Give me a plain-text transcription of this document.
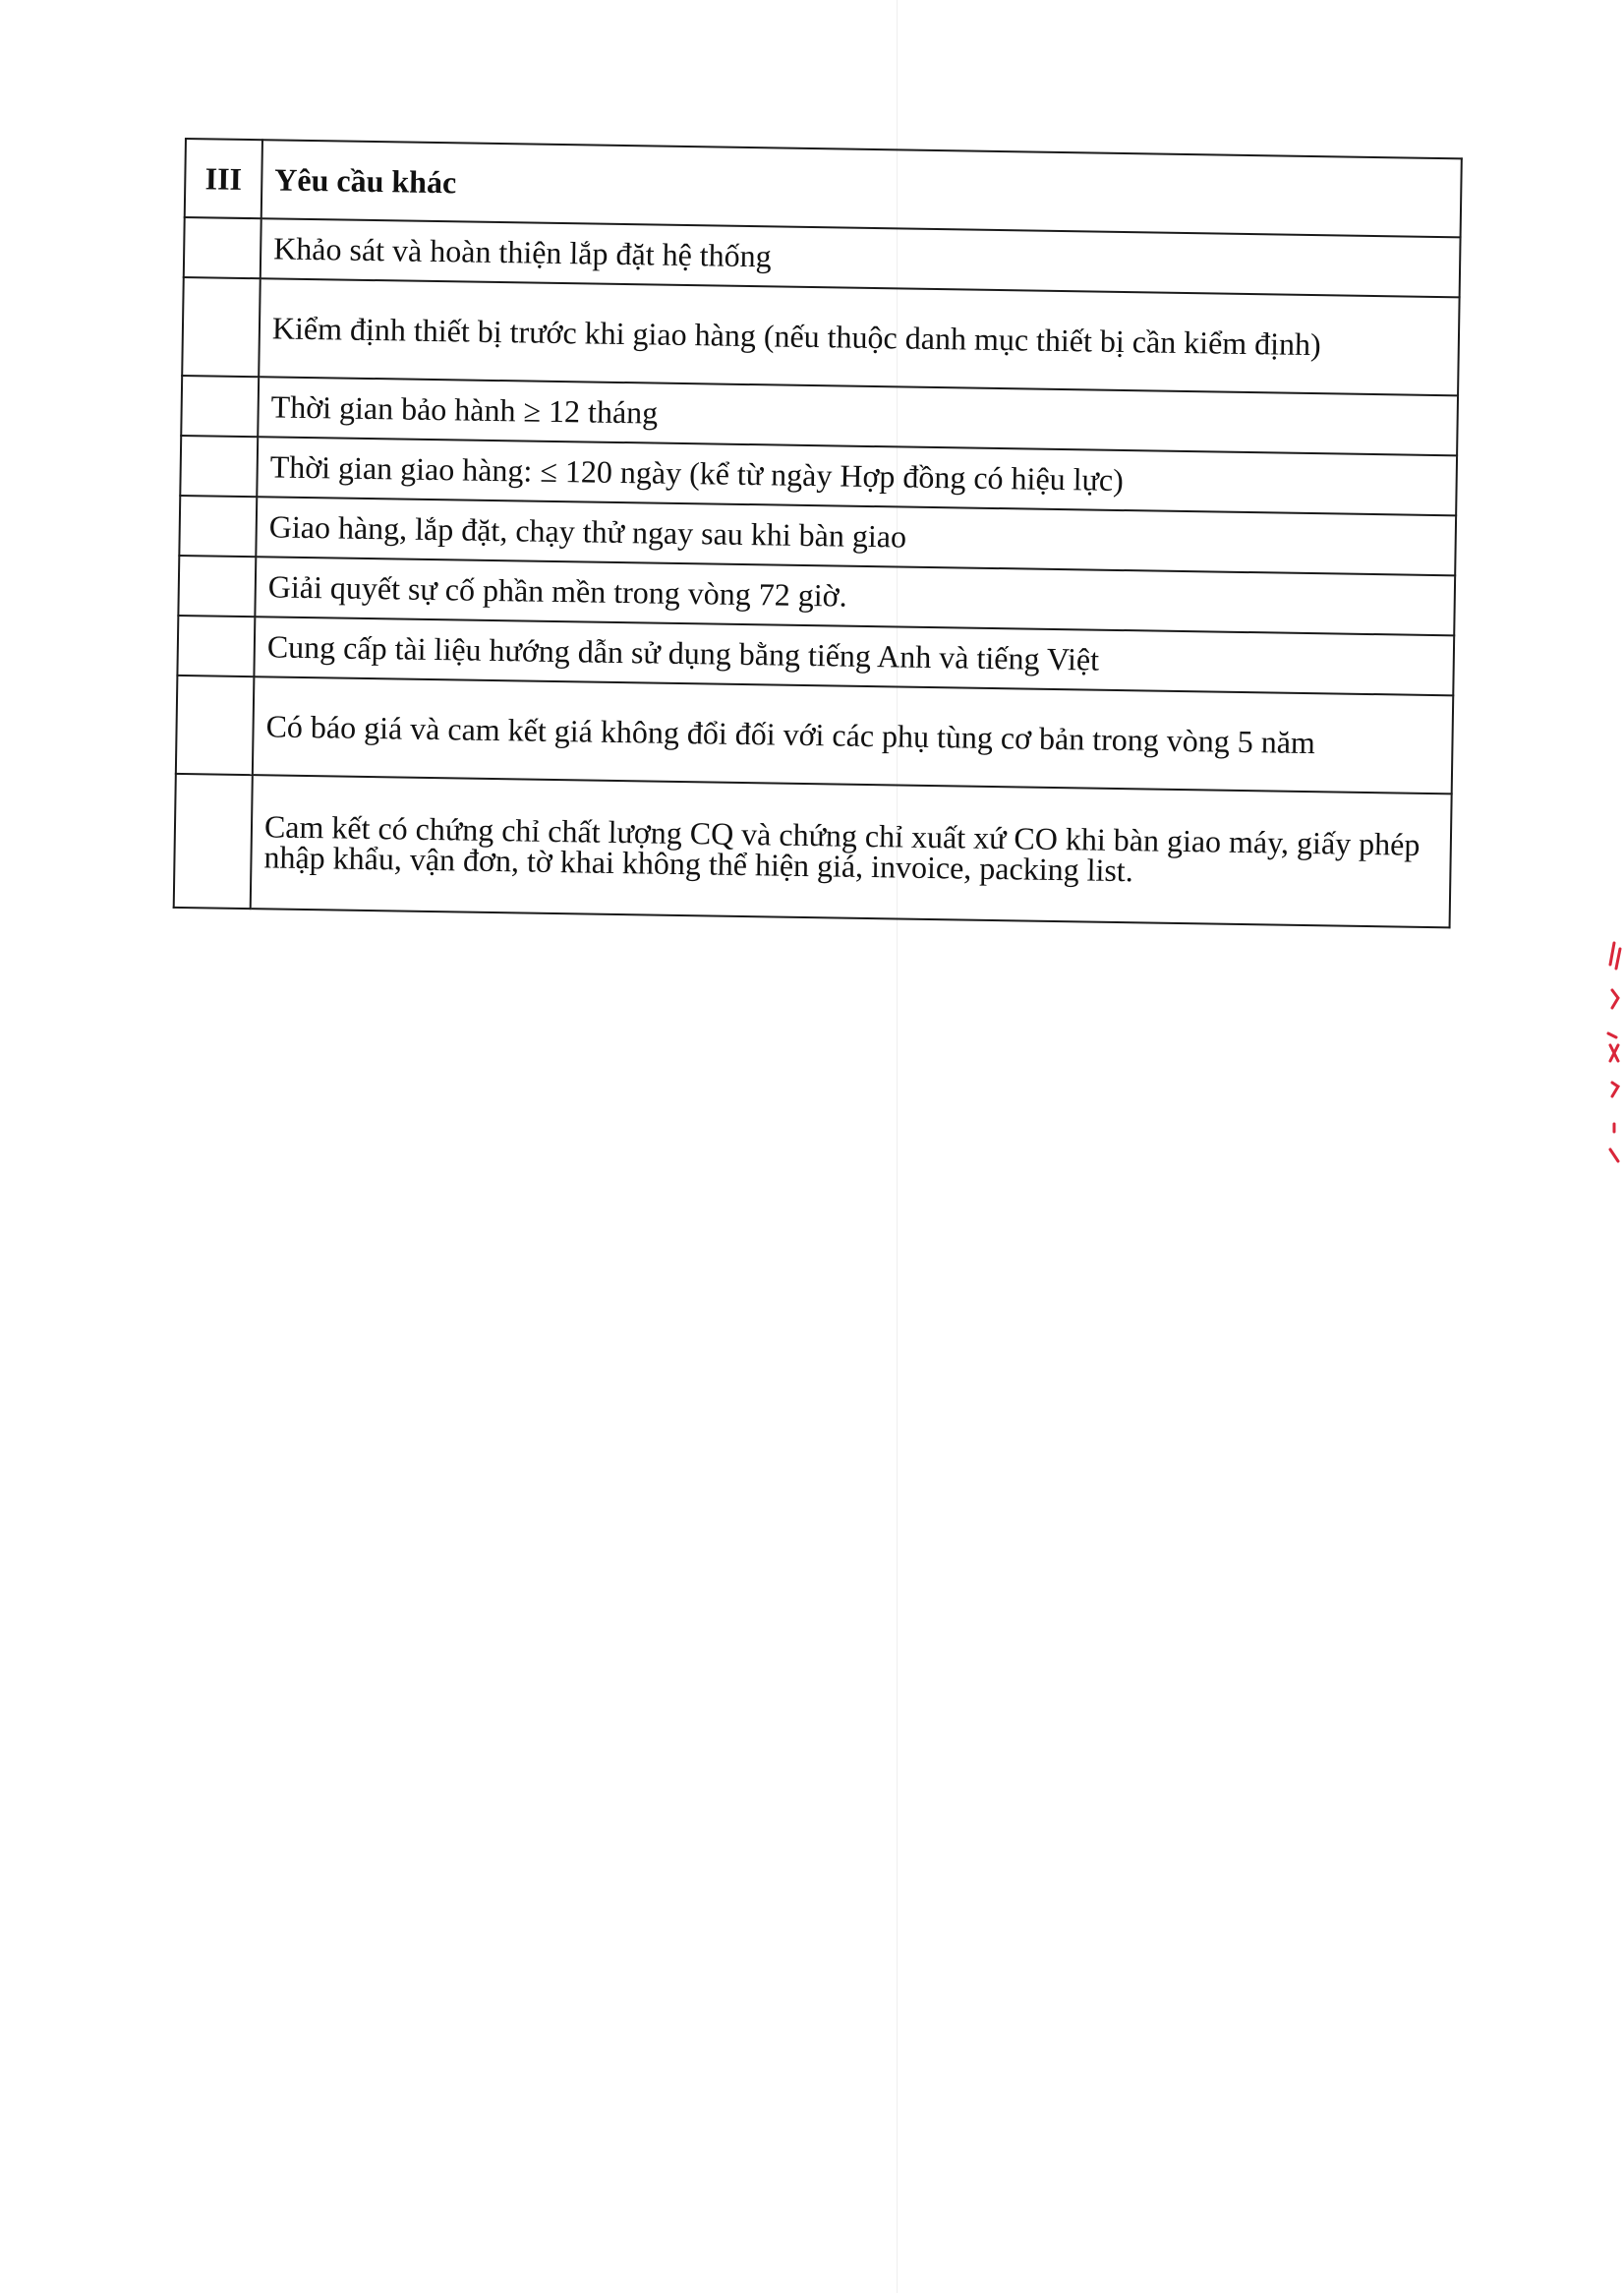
III	Yêu cầu khác
	Khảo sát và hoàn thiện lắp đặt hệ thống
	Kiểm định thiết bị trước khi giao hàng (nếu thuộc danh mục thiết bị cần kiểm định)
	Thời gian bảo hành ≥ 12 tháng
	Thời gian giao hàng: ≤ 120 ngày (kể từ ngày Hợp đồng có hiệu lực)
	Giao hàng, lắp đặt, chạy thử ngay sau khi bàn giao
	Giải quyết sự cố phần mền trong vòng 72 giờ.
	Cung cấp tài liệu hướng dẫn sử dụng bằng tiếng Anh và tiếng Việt
	Có báo giá và cam kết giá không đổi đối với các phụ tùng cơ bản trong vòng 5 năm
	Cam kết có chứng chỉ chất lượng CQ và chứng chỉ xuất xứ CO khi bàn giao máy, giấy phép nhập khẩu, vận đơn, tờ khai không thể hiện giá, invoice, packing list.
